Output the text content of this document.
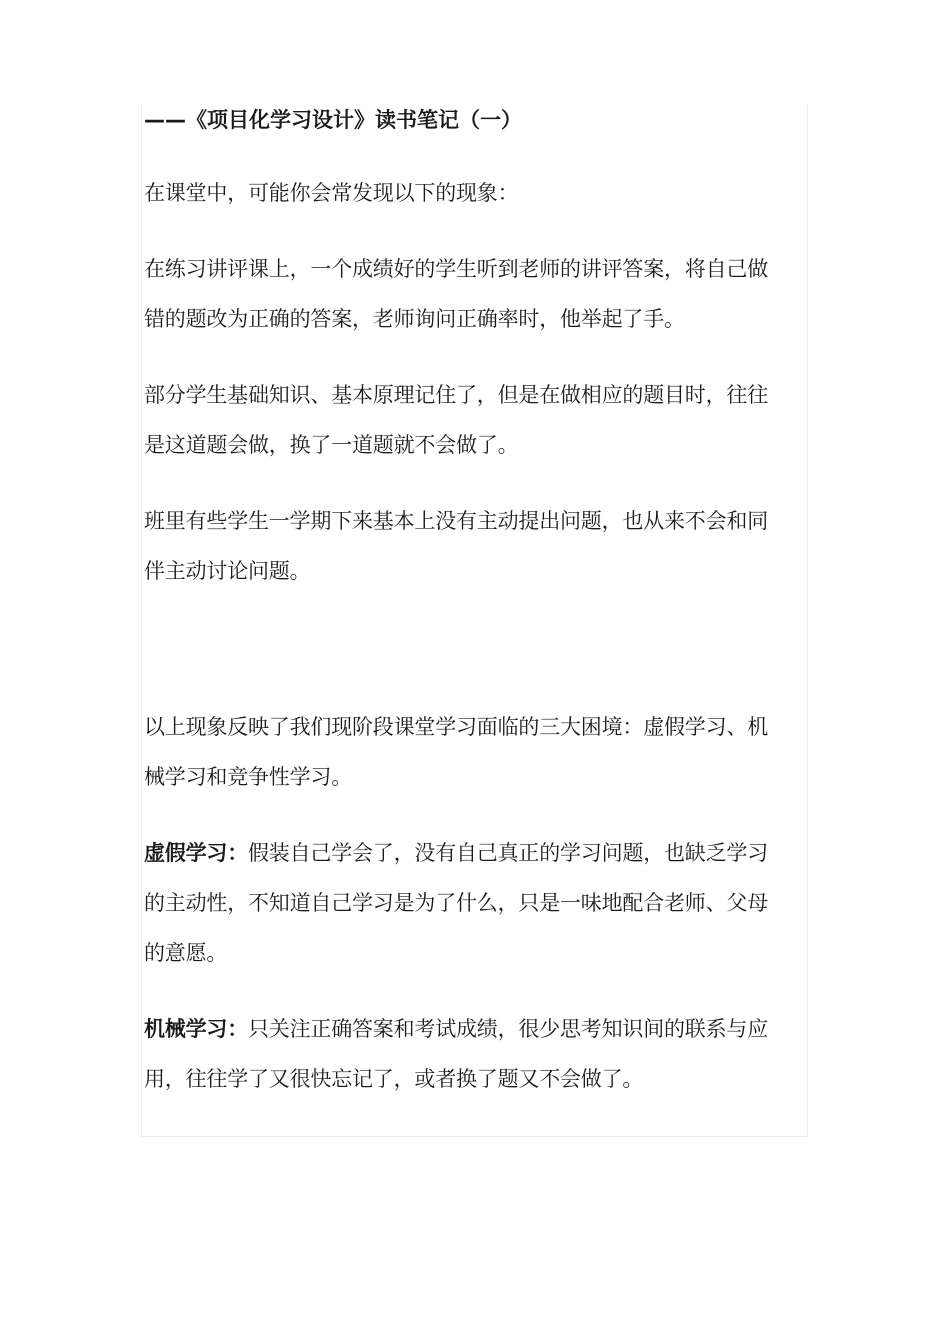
——《项目化学习设计》读书笔记（一）

在课堂中，可能你会常发现以下的现象：

在练习讲评课上，一个成绩好的学生听到老师的讲评答案，将自己做

错的题改为正确的答案，老师询问正确率时，他举起了手。

部分学生基础知识、基本原理记住了，但是在做相应的题目时，往往

是这道题会做，换了一道题就不会做了。

班里有些学生一学期下来基本上没有主动提出问题，也从来不会和同

伴主动讨论问题。

以上现象反映了我们现阶段课堂学习面临的三大困境：虚假学习、机

械学习和竞争性学习。

虚假学习：假装自己学会了，没有自己真正的学习问题，也缺乏学习

的主动性，不知道自己学习是为了什么，只是一味地配合老师、父母

的意愿。

机械学习：只关注正确答案和考试成绩，很少思考知识间的联系与应

用，往往学了又很快忘记了，或者换了题又不会做了。
